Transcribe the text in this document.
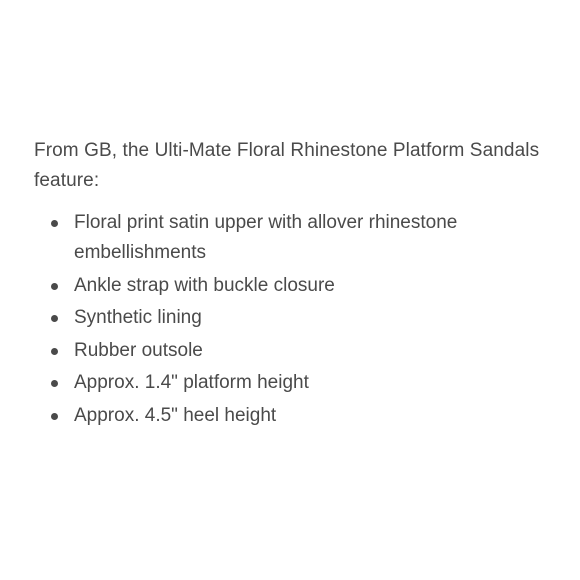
From GB, the Ulti-Mate Floral Rhinestone Platform Sandals feature:

Floral print satin upper with allover rhinestone embellishments
Ankle strap with buckle closure
Synthetic lining
Rubber outsole
Approx. 1.4" platform height
Approx. 4.5" heel height
